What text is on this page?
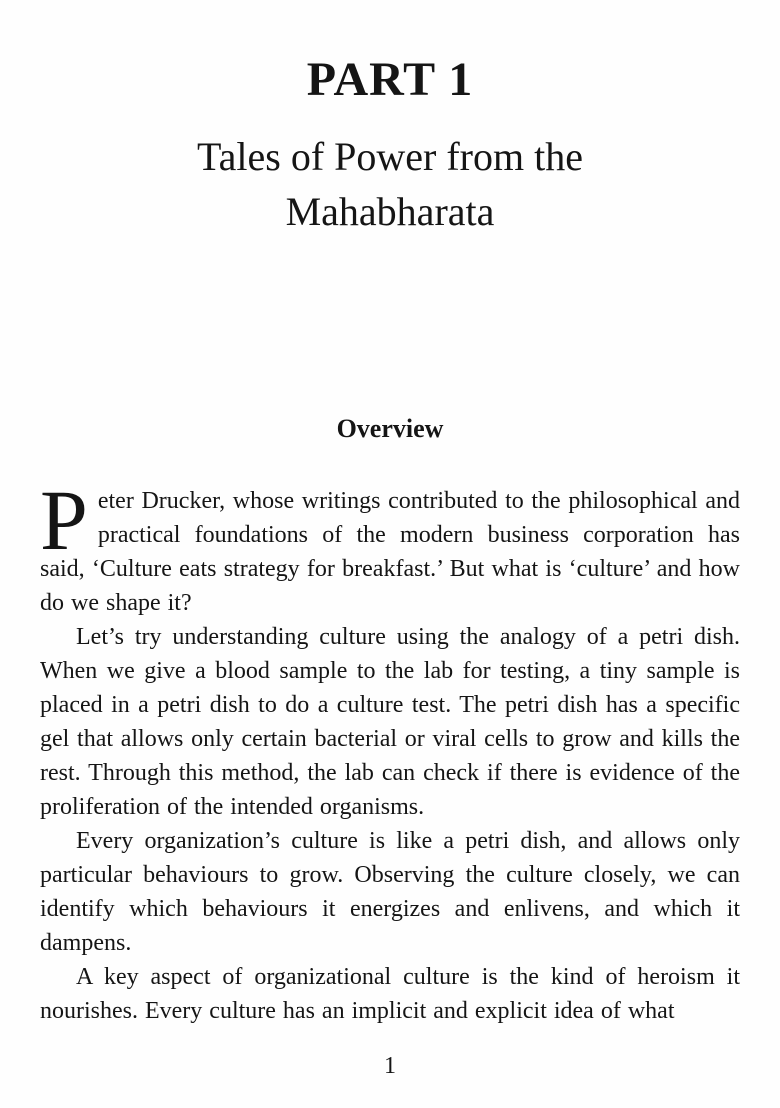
PART 1
Tales of Power from the Mahabharata
Overview

Peter Drucker, whose writings contributed to the philosophical and practical foundations of the modern business corporation has said, ‘Culture eats strategy for breakfast.’ But what is ‘culture’ and how do we shape it?

Let’s try understanding culture using the analogy of a petri dish. When we give a blood sample to the lab for testing, a tiny sample is placed in a petri dish to do a culture test. The petri dish has a specific gel that allows only certain bacterial or viral cells to grow and kills the rest. Through this method, the lab can check if there is evidence of the proliferation of the intended organisms.

Every organization’s culture is like a petri dish, and allows only particular behaviours to grow. Observing the culture closely, we can identify which behaviours it energizes and enlivens, and which it dampens.

A key aspect of organizational culture is the kind of heroism it nourishes. Every culture has an implicit and explicit idea of what

1
